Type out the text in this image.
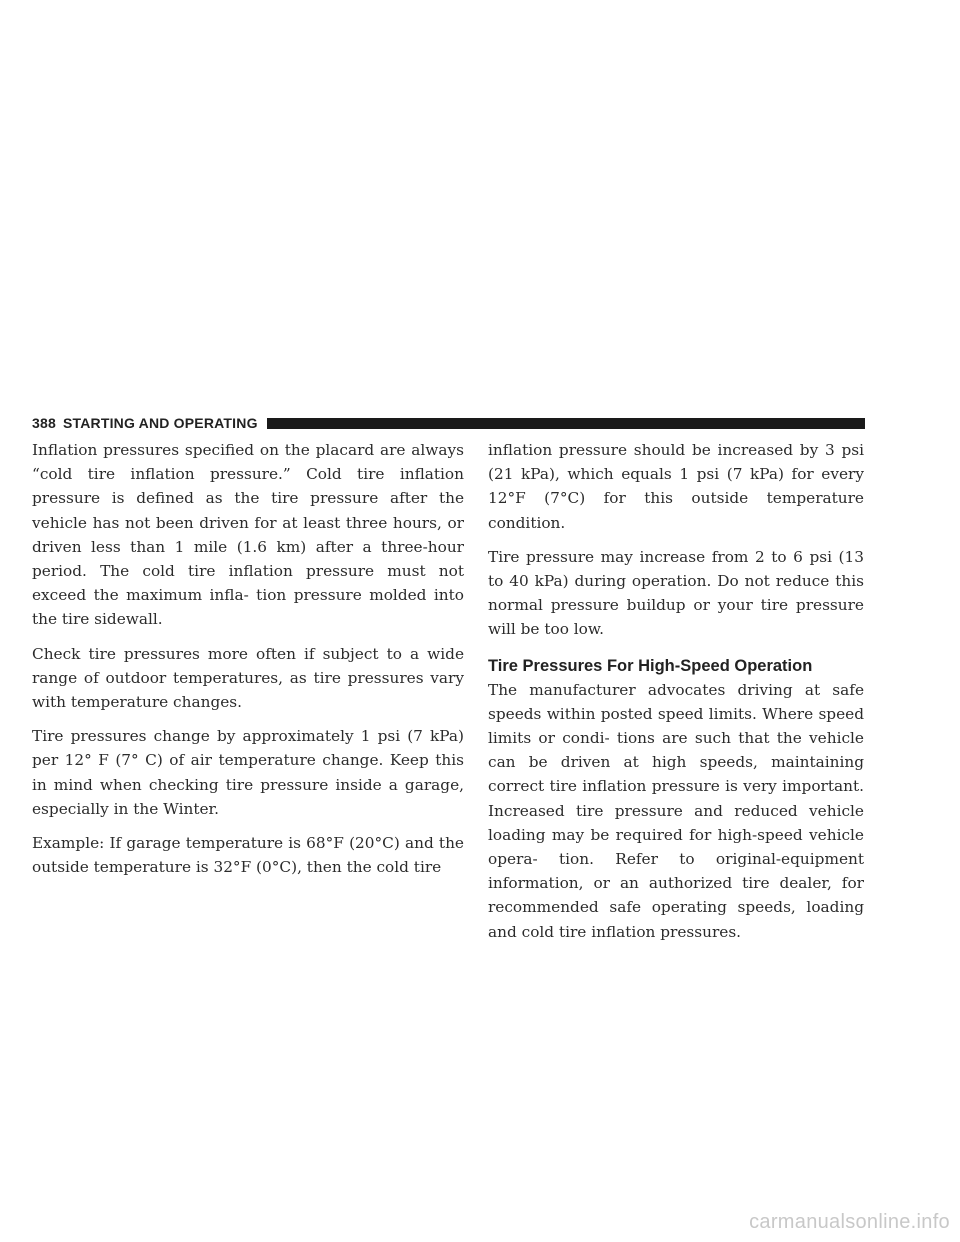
388 STARTING AND OPERATING

Inflation pressures specified on the placard are always “cold tire inflation pressure.” Cold tire inflation pressure is defined as the tire pressure after the vehicle has not been driven for at least three hours, or driven less than 1 mile (1.6 km) after a three-hour period. The cold tire inflation pressure must not exceed the maximum infla- tion pressure molded into the tire sidewall.

Check tire pressures more often if subject to a wide range of outdoor temperatures, as tire pressures vary with temperature changes.

Tire pressures change by approximately 1 psi (7 kPa) per 12° F (7° C) of air temperature change. Keep this in mind when checking tire pressure inside a garage, especially in the Winter.

Example: If garage temperature is 68°F (20°C) and the outside temperature is 32°F (0°C), then the cold tire

inflation pressure should be increased by 3 psi (21 kPa), which equals 1 psi (7 kPa) for every 12°F (7°C) for this outside temperature condition.

Tire pressure may increase from 2 to 6 psi (13 to 40 kPa) during operation. Do not reduce this normal pressure buildup or your tire pressure will be too low.

Tire Pressures For High-Speed Operation

The manufacturer advocates driving at safe speeds within posted speed limits. Where speed limits or condi- tions are such that the vehicle can be driven at high speeds, maintaining correct tire inflation pressure is very important. Increased tire pressure and reduced vehicle loading may be required for high-speed vehicle opera- tion. Refer to original-equipment information, or an authorized tire dealer, for recommended safe operating speeds, loading and cold tire inflation pressures.

carmanualsonline.info
